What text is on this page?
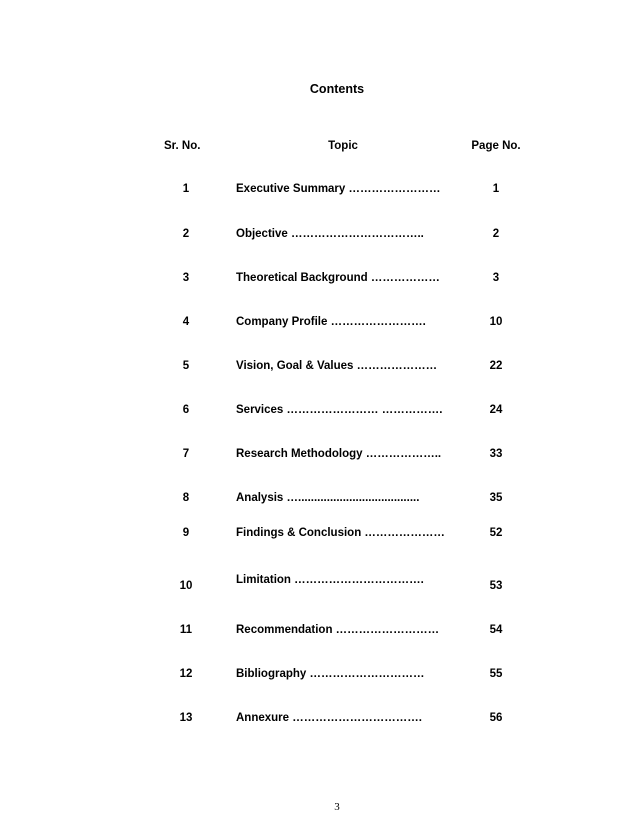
Contents
Sr. No.	Topic	Page No.
1	Executive Summary ……………………	1
2	Objective ……………………………..	2
3	Theoretical Background ………………	3
4	Company Profile …………………….	10
5	Vision, Goal & Values …………………	22
6	Services …………………… …………….	24
7	Research Methodology ………………..	33
8	Analysis …......................................	35
9	Findings & Conclusion …………………	52
10	Limitation …………………………….	53
11	Recommendation ………………………	54
12	Bibliography …………………………	55
13	Annexure …………………………….	56
3
